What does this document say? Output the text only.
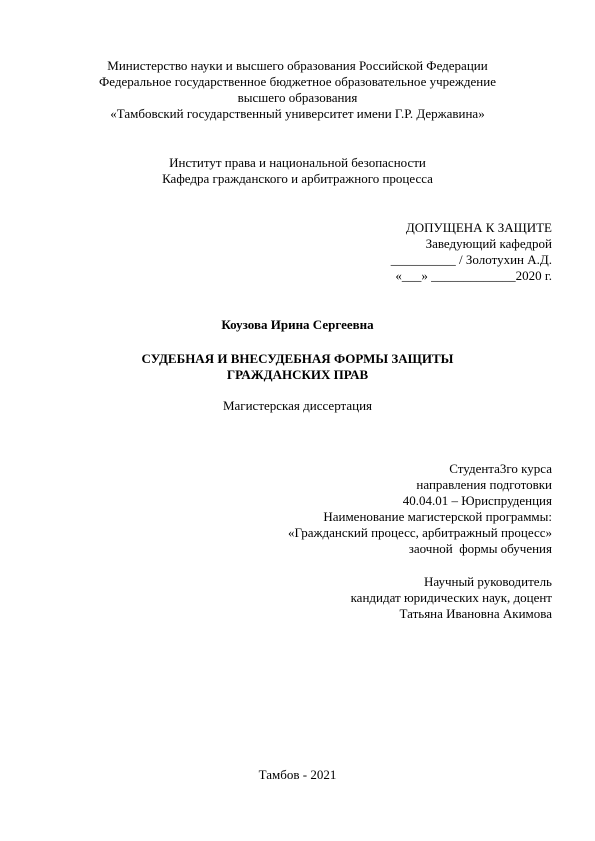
Министерство науки и высшего образования Российской Федерации
Федеральное государственное бюджетное образовательное учреждение
высшего образования
«Тамбовский государственный университет имени Г.Р. Державина»
Институт права и национальной безопасности
Кафедра гражданского и арбитражного процесса
ДОПУЩЕНА К ЗАЩИТЕ
Заведующий кафедрой
__________ / Золотухин А.Д.
«___» _____________2020 г.
Коузова Ирина Сергеевна
СУДЕБНАЯ И ВНЕСУДЕБНАЯ ФОРМЫ ЗАЩИТЫ
ГРАЖДАНСКИХ ПРАВ
Магистерская диссертация
Студента3го курса
направления подготовки
40.04.01 – Юриспруденция
Наименование магистерской программы:
«Гражданский процесс, арбитражный процесс»
заочной  формы обучения
Научный руководитель
кандидат юридических наук, доцент
Татьяна Ивановна Акимова
Тамбов - 2021
